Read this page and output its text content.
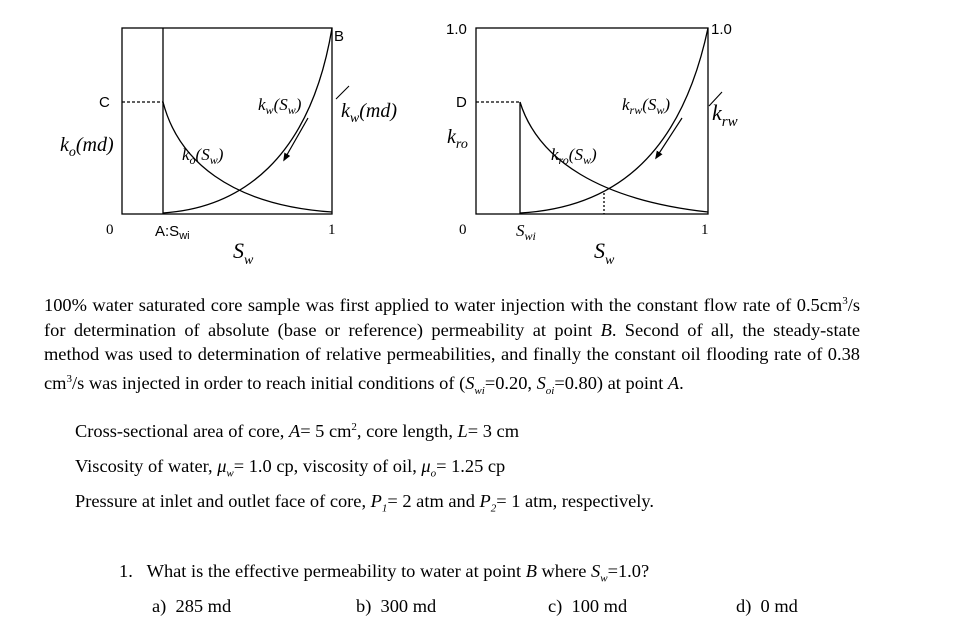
B
C
$k_o(md)$	$k_o(S_w)$
$k_w(S_w)$ $k_w(md)$
0	$A:S_{wi}$	1
$S_w$
1.0	1.0
D
$k_{ro}$
$k_{ro}(S_w)$
$k_{rw}(S_w)$ $k_{rw}$
0	$S_{wi}$	1
$S_w$
100% water saturated core sample was first applied to water injection with the constant flow rate of $0.5cm^3/s$ for determination of absolute (base or reference) permeability at point B. Second of all, the steady-state method was used to determination of relative permeabilities, and finally the constant oil flooding rate of 0.38 $cm^3/s$ was injected in order to reach initial conditions of ($S_{wi}=0.20$, $S_{oi}=0.80$) at point A.
Cross-sectional area of core, A= 5 $cm^2$, core length, L= 3 cm
Viscosity of water, $\mu_w= 1.0$ cp, viscosity of oil, $\mu_o= 1.25$ cp
Pressure at inlet and outlet face of core, $P_1= 2$ atm and $P_2= 1$ atm, respectively.
1. What is the effective permeability to water at point B where $S_w=1.0$?
a) 285 md	b) 300 md	c) 100 md	d) 0 md
